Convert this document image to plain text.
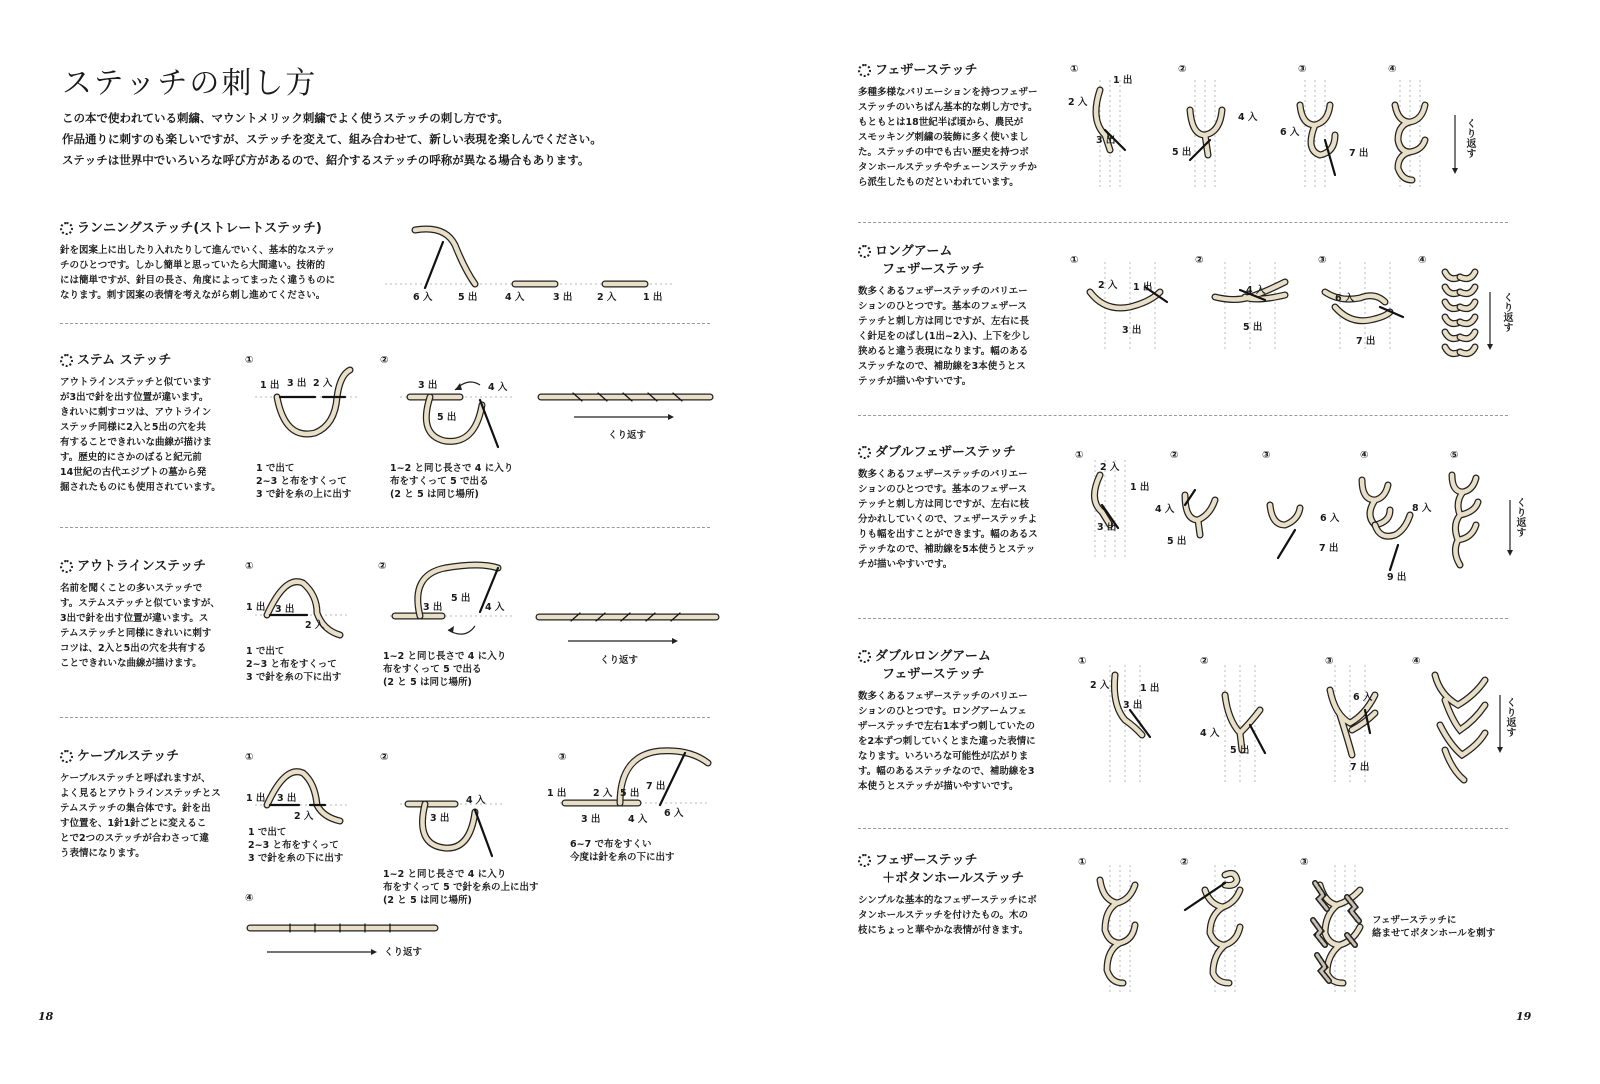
ステッチの刺し方
この本で使われている刺繍、マウントメリック刺繍でよく使うステッチの刺し方です。
作品通りに刺すのも楽しいですが、ステッチを変えて、組み合わせて、新しい表現を楽しんでください。
ステッチは世界中でいろいろな呼び方があるので、紹介するステッチの呼称が異なる場合もあります。
ランニングステッチ(ストレートステッチ)
針を図案上に出したり入れたりして進んでいく、基本的なステッ
チのひとつです。しかし簡単と思っていたら大間違い。技術的
には簡単ですが、針目の長さ、角度によってまったく違うものに
なります。刺す図案の表情を考えながら刺し進めてください。	6 入	5 出	4 入	3 出	2 入	1 出
ステム ステッチ
アウトラインステッチと似ています
が3出で針を出す位置が違います。
きれいに刺すコツは、アウトライン
ステッチ同様に2入と5出の穴を共
有することできれいな曲線が描けま
す。歴史的にさかのぼると紀元前
14世紀の古代エジプトの墓から発
掘されたものにも使用されています。
①
1 出 3 出 2 入
1 で出て
2~3 と布をすくって
3 で針を糸の上に出す
②
3 出	4 入
5 出
1~2 と同じ長さで 4 に入り
布をすくって 5 で出る
(2 と 5 は同じ場所)
くり返す
アウトラインステッチ
名前を聞くことの多いステッチで
す。ステムステッチと似ていますが、
3出で針を出す位置が違います。ス
テムステッチと同様にきれいに刺す
コツは、2入と5出の穴を共有する
ことできれいな曲線が描けます。
①
1 出 3 出
2 入
1 で出て
2~3 と布をすくって
3 で針を糸の下に出す
②
3 出
5 出
4 入
1~2 と同じ長さで 4 に入り
布をすくって 5 で出る
(2 と 5 は同じ場所)
くり返す
ケーブルステッチ
ケーブルステッチと呼ばれますが、
よく見るとアウトラインステッチとス
テムステッチの集合体です。針を出
す位置を、1針1針ごとに変えるこ
とで2つのステッチが合わさって違
う表情になります。
①
1 出 3 出
2 入
1 で出て
2~3 と布をすくって
3 で針を糸の下に出す
②
4 入
3 出
1~2 と同じ長さで 4 に入り
布をすくって 5 で針を糸の上に出す
(2 と 5 は同じ場所)
③
1 出	2 入 5 出
7 出
6 入
3 出	4 入
6~7 で布をすくい
今度は針を糸の下に出す
④
くり返す
18
フェザーステッチ
多種多様なバリエーションを持つフェザー
ステッチのいちばん基本的な刺し方です。
もともとは18世紀半ば頃から、農民が
スモッキング刺繍の装飾に多く使いまし
た。ステッチの中でも古い歴史を持つボ
タンホールステッチやチェーンステッチか
ら派生したものだといわれています。
①	②	③	④
1 出
2 入
3 出
4 入
5 出
6 入
7 出	くり返す
ロングアーム
フェザーステッチ
数多くあるフェザーステッチのバリエー
ションのひとつです。基本のフェザース
テッチと刺し方は同じですが、左右に長
く針足をのばし(1出~2入)、上下を少し
狭めると違う表現になります。幅のある
ステッチなので、補助線を3本使うとス
テッチが描いやすいです。
①	②	③	④
2 入 1 出
3 出
4 入
5 出
6 入
7 出
くり返す
ダブルフェザーステッチ
数多くあるフェザーステッチのバリエー
ションのひとつです。基本のフェザース
テッチと刺し方は同じですが、左右に枝
分かれしていくので、フェザーステッチよ
りも幅を出すことができます。幅のあるス
テッチなので、補助線を5本使うとステッ
チが描いやすいです。
①	②	③	④	⑤
2 入
1 出
3 出
4 入
5 出
6 入
7 出
8 入
9 出
くり返す
ダブルロングアーム
フェザーステッチ
数多くあるフェザーステッチのバリエー
ションのひとつです。ロングアームフェ
ザーステッチで左右1本ずつ刺していたの
を2本ずつ刺していくとまた違った表情に
なります。いろいろな可能性が広がりま
す。幅のあるステッチなので、補助線を3
本使うとステッチが描いやすいです。
①	②	③	④
2 入	1 出
3 出
4 入
5 出
6 入
7 出
くり返す
フェザーステッチ
＋ボタンホールステッチ
シンプルな基本的なフェザーステッチにボ
タンホールステッチを付けたもの。木の
枝にちょっと華やかな表情が付きます。
①	②	③
フェザーステッチに
絡ませてボタンホールを刺す
19
